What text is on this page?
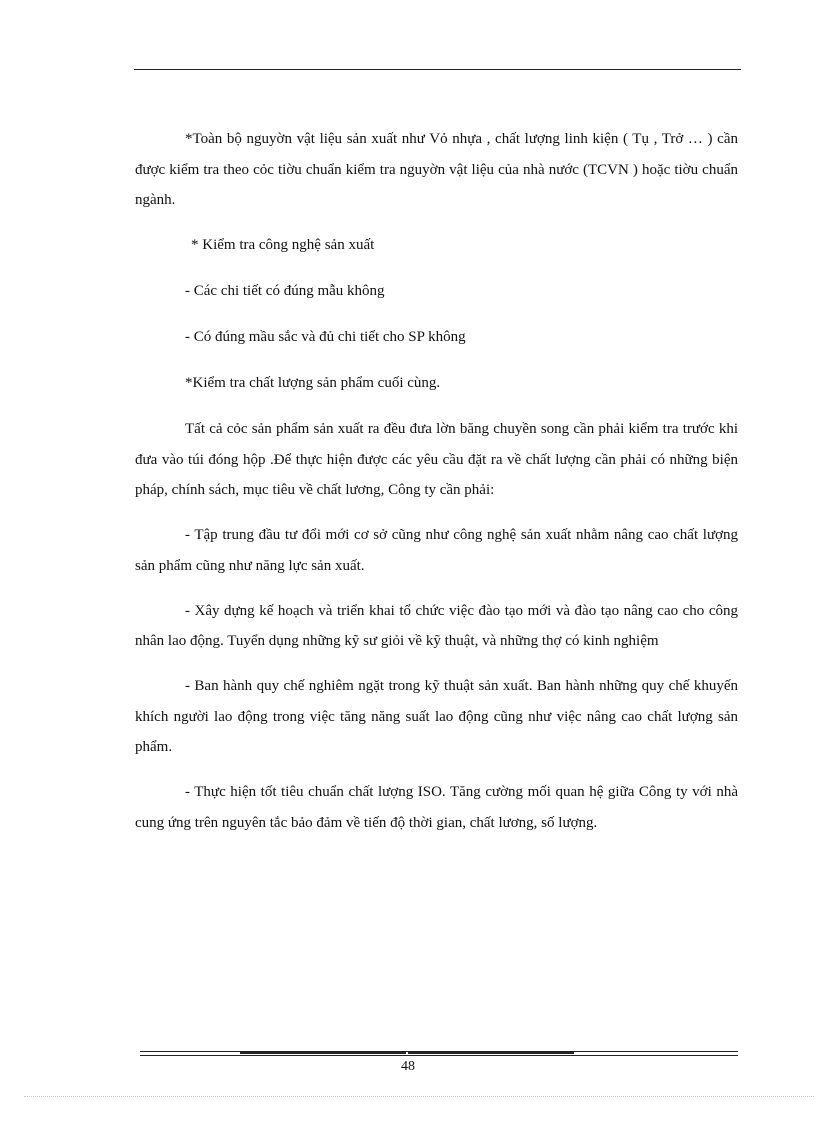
*Toàn bộ nguyờn vật liệu sản xuất như Vỏ nhựa , chất lượng linh kiện ( Tụ , Trở … ) cần được kiểm tra theo cỏc tiờu chuẩn kiểm tra nguyờn vật liệu của nhà nước (TCVN ) hoặc tiờu chuẩn ngành.

* Kiểm tra công nghệ sản xuất

- Các chi tiết có đúng mẫu không

- Có đúng mầu sắc và đủ chi tiết cho SP không

*Kiểm tra chất lượng sản phẩm cuối cùng.

Tất cả cỏc sản phẩm sản xuất ra đều đưa lờn băng chuyền song cần phải kiểm tra trước khi đưa vào túi đóng hộp .Để thực hiện được các yêu cầu đặt ra về chất lượng cần phải có những biện pháp, chính sách, mục tiêu về chất lương, Công ty cần phải:

- Tập trung đầu tư đổi mới cơ sở cũng như công nghệ sản xuất nhằm nâng cao chất lượng sản phẩm cũng như năng lực sản xuất.

- Xây dựng kế hoạch và triển khai tổ chức việc đào tạo mới và đào tạo nâng cao cho công nhân lao động. Tuyển dụng những kỹ sư giỏi về kỹ thuật, và những thợ có kinh nghiệm

- Ban hành quy chế nghiêm ngặt trong kỹ thuật sản xuất. Ban hành những quy chế khuyến khích người lao động trong việc tăng năng suất lao động cũng như việc nâng cao chất lượng sản phẩm.

- Thực hiện tốt tiêu chuẩn chất lượng ISO. Tăng cường mối quan hệ giữa Công ty với nhà cung ứng trên nguyên tắc bảo đảm về tiến độ thời gian, chất lương, số lượng.

48
